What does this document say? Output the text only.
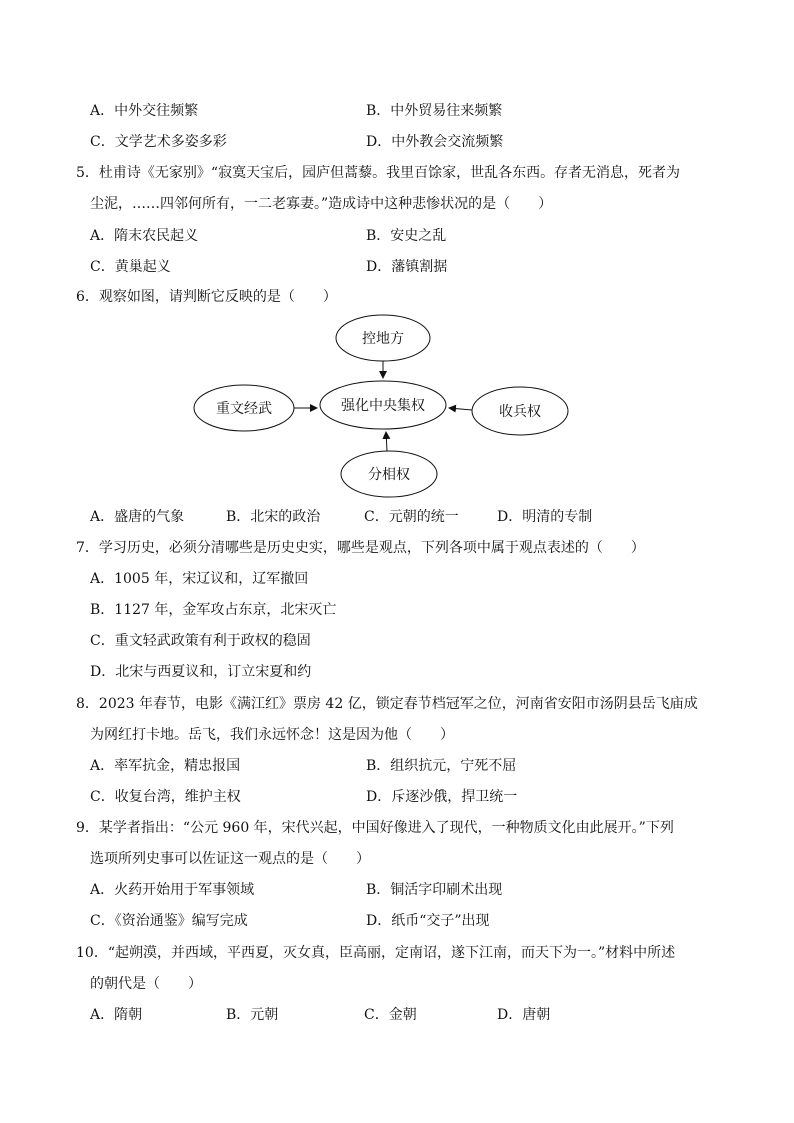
A．中外交往频繁	B．中外贸易往来频繁
C．文学艺术多姿多彩	D．中外教会交流频繁
5．杜甫诗《无家别》“寂寞天宝后，园庐但蒿藜。我里百馀家，世乱各东西。存者无消息，死者为
尘泥，……四邻何所有，一二老寡妻。”造成诗中这种悲惨状况的是（　　）
A．隋末农民起义	B．安史之乱
C．黄巢起义	D．藩镇割据
6．观察如图，请判断它反映的是（　　）
控地方
强化中央集权
重文经武	收兵权
分相权
A．盛唐的气象	B．北宋的政治	C．元朝的统一	D．明清的专制
7．学习历史，必须分清哪些是历史史实，哪些是观点，下列各项中属于观点表述的（　　）
A．1005 年，宋辽议和，辽军撤回
B．1127 年，金军攻占东京，北宋灭亡
C．重文轻武政策有利于政权的稳固
D．北宋与西夏议和，订立宋夏和约
8．2023 年春节，电影《满江红》票房 42 亿，锁定春节档冠军之位，河南省安阳市汤阴县岳飞庙成
为网红打卡地。岳飞，我们永远怀念！这是因为他（　　）
A．率军抗金，精忠报国	B．组织抗元，宁死不屈
C．收复台湾，维护主权	D．斥逐沙俄，捍卫统一
9．某学者指出：“公元 960 年，宋代兴起，中国好像进入了现代，一种物质文化由此展开。”下列
选项所列史事可以佐证这一观点的是（　　）
A．火药开始用于军事领域	B．铜活字印刷术出现
C．《资治通鉴》编写完成	D．纸币“交子”出现
10．“起朔漠，并西域，平西夏，灭女真，臣高丽，定南诏，遂下江南，而天下为一。”材料中所述
的朝代是（　　）
A．隋朝	B．元朝	C．金朝	D．唐朝
